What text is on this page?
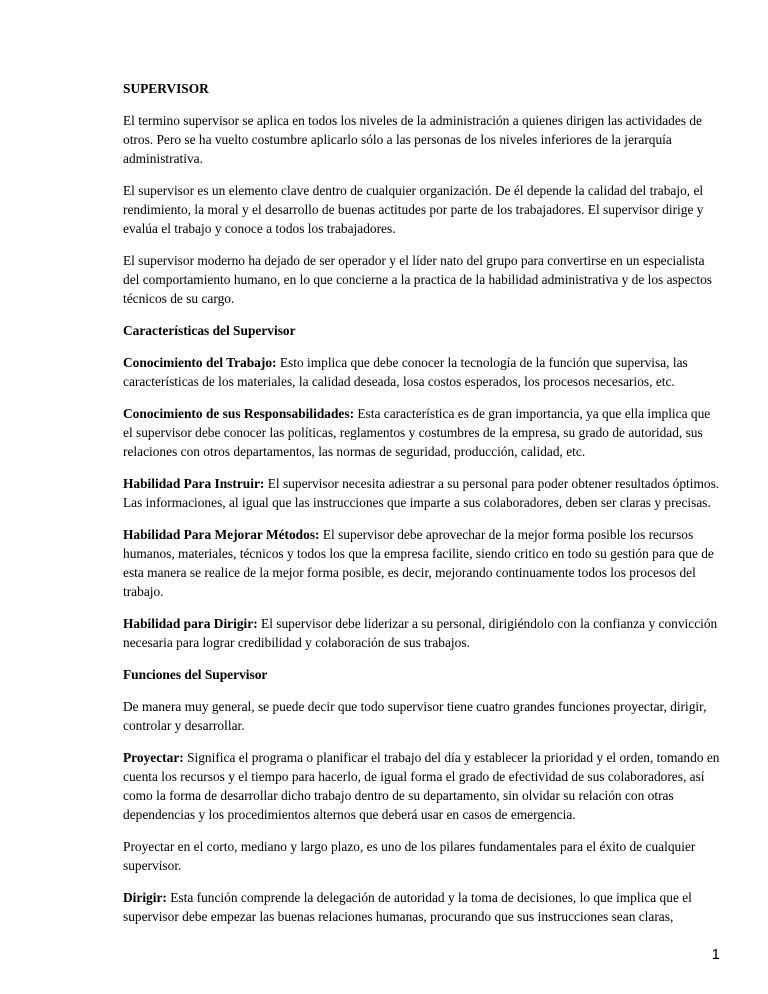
SUPERVISOR

El termino supervisor se aplica en todos los niveles de la administración a quienes dirigen las actividades de otros. Pero se ha vuelto costumbre aplicarlo sólo a las personas de los niveles inferiores de la jerarquía administrativa.

El supervisor es un elemento clave dentro de cualquier organización. De él depende la calidad del trabajo, el rendimiento, la moral y el desarrollo de buenas actitudes por parte de los trabajadores. El supervisor dirige y evalúa el trabajo y conoce a todos los trabajadores.

El supervisor moderno ha dejado de ser operador y el líder nato del grupo para convertirse en un especialista del comportamiento humano, en lo que concierne a la practica de la habilidad administrativa y de los aspectos técnicos de su cargo.

Características del Supervisor

Conocimiento del Trabajo: Esto implica que debe conocer la tecnología de la función que supervisa, las características de los materiales, la calidad deseada, losa costos esperados, los procesos necesarios, etc.

Conocimiento de sus Responsabilidades: Esta característica es de gran importancia, ya que ella implica que el supervisor debe conocer las políticas, reglamentos y costumbres de la empresa, su grado de autoridad, sus relaciones con otros departamentos, las normas de seguridad, producción, calidad, etc.

Habilidad Para Instruir: El supervisor necesita adiestrar a su personal para poder obtener resultados óptimos. Las informaciones, al igual que las instrucciones que imparte a sus colaboradores, deben ser claras y precisas.

Habilidad Para Mejorar Métodos: El supervisor debe aprovechar de la mejor forma posible los recursos humanos, materiales, técnicos y todos los que la empresa facilite, siendo critico en todo su gestión para que de esta manera se realice de la mejor forma posible, es decir, mejorando continuamente todos los procesos del trabajo.

Habilidad para Dirigir: El supervisor debe liderizar a su personal, dirigiéndolo con la confianza y convicción necesaria para lograr credibilidad y colaboración de sus trabajos.

Funciones del Supervisor

De manera muy general, se puede decir que todo supervisor tiene cuatro grandes funciones proyectar, dirigir, controlar y desarrollar.

Proyectar: Significa el programa o planificar el trabajo del día y establecer la prioridad y el orden, tomando en cuenta los recursos y el tiempo para hacerlo, de igual forma el grado de efectividad de sus colaboradores, así como la forma de desarrollar dicho trabajo dentro de su departamento, sin olvidar su relación con otras dependencias y los procedimientos alternos que deberá usar en casos de emergencia.

Proyectar en el corto, mediano y largo plazo, es uno de los pilares fundamentales para el éxito de cualquier supervisor.

Dirigir: Esta función comprende la delegación de autoridad y la toma de decisiones, lo que implica que el supervisor debe empezar las buenas relaciones humanas, procurando que sus instrucciones sean claras,

1
